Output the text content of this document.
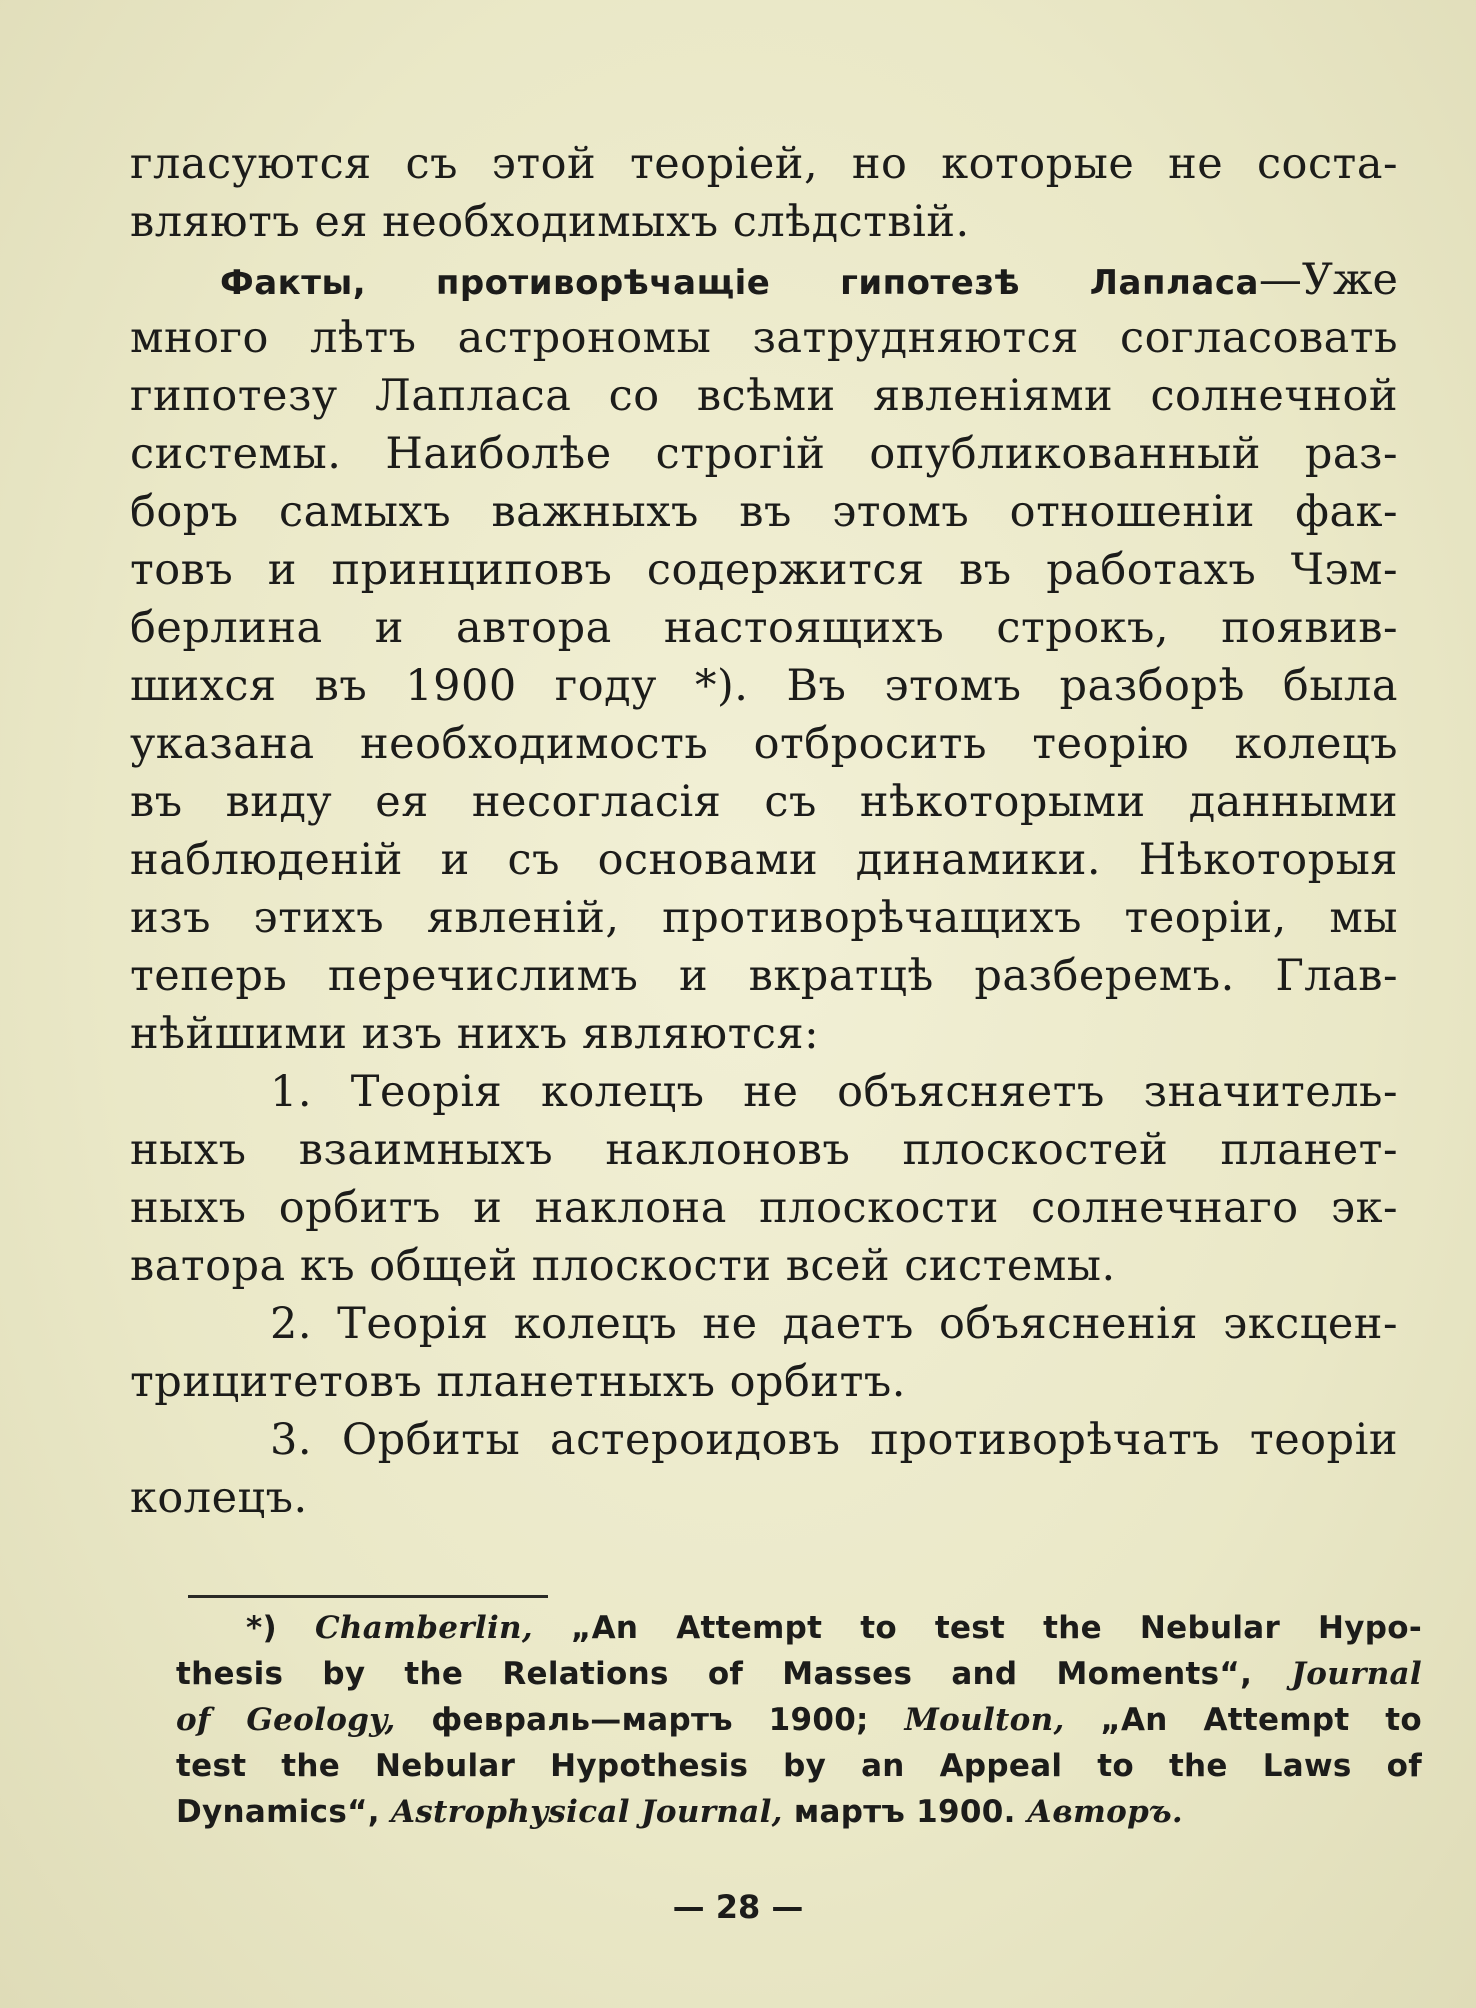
гласуются съ этой теоріей, но которые не соста-
вляютъ ея необходимыхъ слѣдствій.
Факты, противорѣчащіе гипотезѣ Лаплаcа—Уже
много лѣтъ астрономы затрудняются согласовать
гипотезу Лапласа со всѣми явленіями солнечной
системы. Наиболѣе строгій опубликованный раз-
боръ самыхъ важныхъ въ этомъ отношеніи фак-
товъ и принциповъ содержится въ работахъ Чэм-
берлина и автора настоящихъ строкъ, появив-
шихся въ 1900 году *). Въ этомъ разборѣ была
указана необходимость отбросить теорію колецъ
въ виду ея несогласія съ нѣкоторыми данными
наблюденій и съ основами динамики. Нѣкоторыя
изъ этихъ явленій, противорѣчащихъ теоріи, мы
теперь перечислимъ и вкратцѣ разберемъ. Глав-
нѣйшими изъ нихъ являются:
1. Теорія колецъ не объясняетъ значитель-
ныхъ взаимныхъ наклоновъ плоскостей планет-
ныхъ орбитъ и наклона плоскости солнечнаго эк-
ватора къ общей плоскости всей системы.
2. Теорія колецъ не даетъ объясненія эксцен-
трицитетовъ планетныхъ орбитъ.
3. Орбиты астероидовъ противорѣчатъ теоріи
колецъ.
*) Chamberlin, „An Attempt to test the Nebular Hypo-
thesis by the Relations of Masses and Moments“, Journal
of Geology, февраль—мартъ 1900; Moulton, „An Attempt to
test the Nebular Hypothesis by an Appeal to the Laws of
Dynamics“, Astrophysical Journal, мартъ 1900. Авторъ.
— 28 —
